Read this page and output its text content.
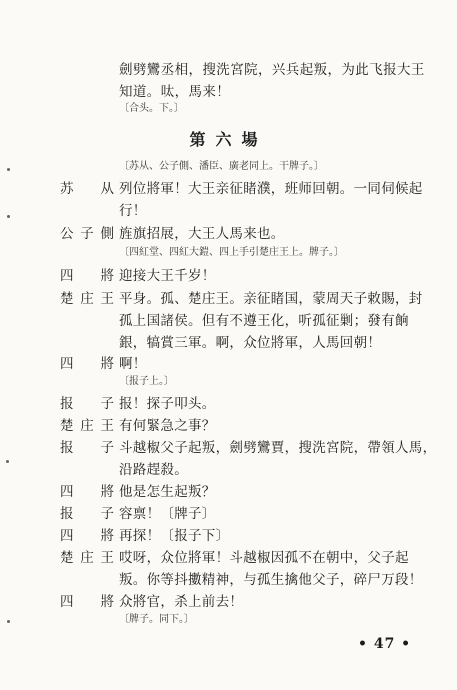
劍劈鸞丞相，搜洗宮院，兴兵起叛，为此飞报大王
知道。呔，馬来！
〔合头。下。〕
第六場
〔苏从、公子側、潘臣、廣老同上。干牌子。〕
苏从 列位將軍！大王亲征睹濮，班师回朝。一同伺候起
行！
公子側 旌旗招展，大王人馬来也。
〔四紅堂、四紅大鎧、四上手引楚庄王上。牌子。〕
四將 迎接大王千岁！
楚庄王 平身。孤、楚庄王。亲征睹国，蒙周天子敕賜，封
孤上国諸侯。但有不遵王化，听孤征剿；發有餉
銀，犒賞三軍。啊，众位將軍，人馬回朝！
四將 啊！
〔报子上。〕
报子 报！探子叩头。
楚庄王 有何緊急之事？
报子 斗越椒父子起叛，劍劈鸞賈，搜洗宮院，帶領人馬，
沿路趕殺。
四將 他是怎生起叛？
报子 容禀！〔牌子〕
四將 再探！〔报子下〕
楚庄王 哎呀，众位將軍！斗越椒因孤不在朝中，父子起
叛。你等抖擻精神，与孤生擒他父子，碎尸万段！
四將 众將官，杀上前去！
〔牌子。同下。〕
• 47 •
